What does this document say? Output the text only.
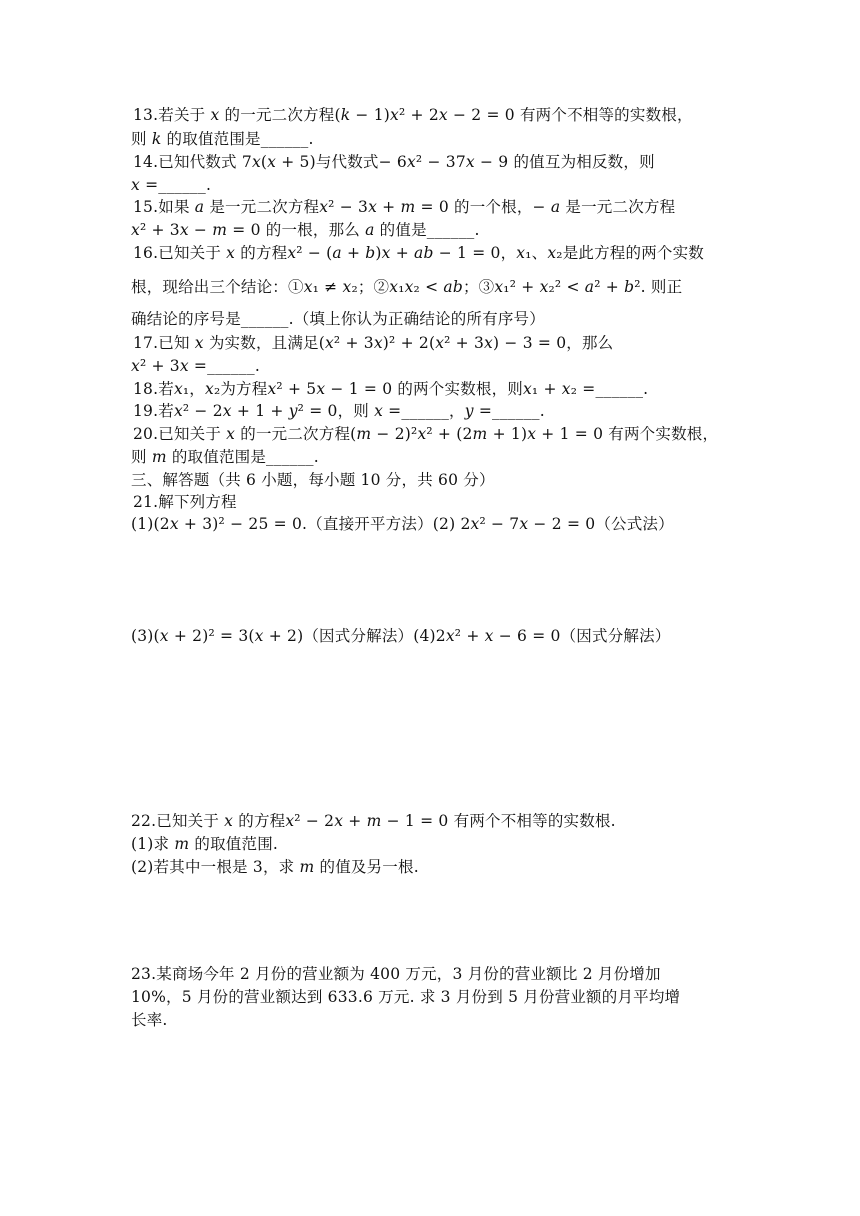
13.若关于 𝑥 的一元二次方程(𝑘 − 1)𝑥² + 2𝑥 − 2 = 0 有两个不相等的实数根，
则 𝑘 的取值范围是______.
14.已知代数式 7𝑥(𝑥 + 5)与代数式− 6𝑥² − 37𝑥 − 9 的值互为相反数，则
𝑥 =______.
15.如果 𝑎 是一元二次方程𝑥² − 3𝑥 + 𝑚 = 0 的一个根，− 𝑎 是一元二次方程
𝑥² + 3𝑥 − 𝑚 = 0 的一根，那么 𝑎 的值是______.
16.已知关于 𝑥 的方程𝑥² − (𝑎 + 𝑏)𝑥 + 𝑎𝑏 − 1 = 0，𝑥₁、𝑥₂是此方程的两个实数
根，现给出三个结论：①𝑥₁ ≠ 𝑥₂；②𝑥₁𝑥₂ < 𝑎𝑏；③𝑥₁² + 𝑥₂² < 𝑎² + 𝑏². 则正
确结论的序号是______.（填上你认为正确结论的所有序号）
17.已知 𝑥 为实数，且满足(𝑥² + 3𝑥)² + 2(𝑥² + 3𝑥) − 3 = 0，那么
𝑥² + 3𝑥 =______.
18.若𝑥₁，𝑥₂为方程𝑥² + 5𝑥 − 1 = 0 的两个实数根，则𝑥₁ + 𝑥₂ =______.
19.若𝑥² − 2𝑥 + 1 + 𝑦² = 0，则 𝑥 =______，𝑦 =______.
20.已知关于 𝑥 的一元二次方程(𝑚 − 2)²𝑥² + (2𝑚 + 1)𝑥 + 1 = 0 有两个实数根，
则 𝑚 的取值范围是______.
三、解答题（共 6 小题，每小题 10 分，共 60 分）
21.解下列方程
(1)(2𝑥 + 3)² − 25 = 0.（直接开平方法）(2) 2𝑥² − 7𝑥 − 2 = 0（公式法）
(3)(𝑥 + 2)² = 3(𝑥 + 2)（因式分解法）(4)2𝑥² + 𝑥 − 6 = 0（因式分解法）
22.已知关于 𝑥 的方程𝑥² − 2𝑥 + 𝑚 − 1 = 0 有两个不相等的实数根.
(1)求 𝑚 的取值范围.
(2)若其中一根是 3，求 𝑚 的值及另一根.
23.某商场今年 2 月份的营业额为 400 万元，3 月份的营业额比 2 月份增加
10%，5 月份的营业额达到 633.6 万元. 求 3 月份到 5 月份营业额的月平均增
长率.
